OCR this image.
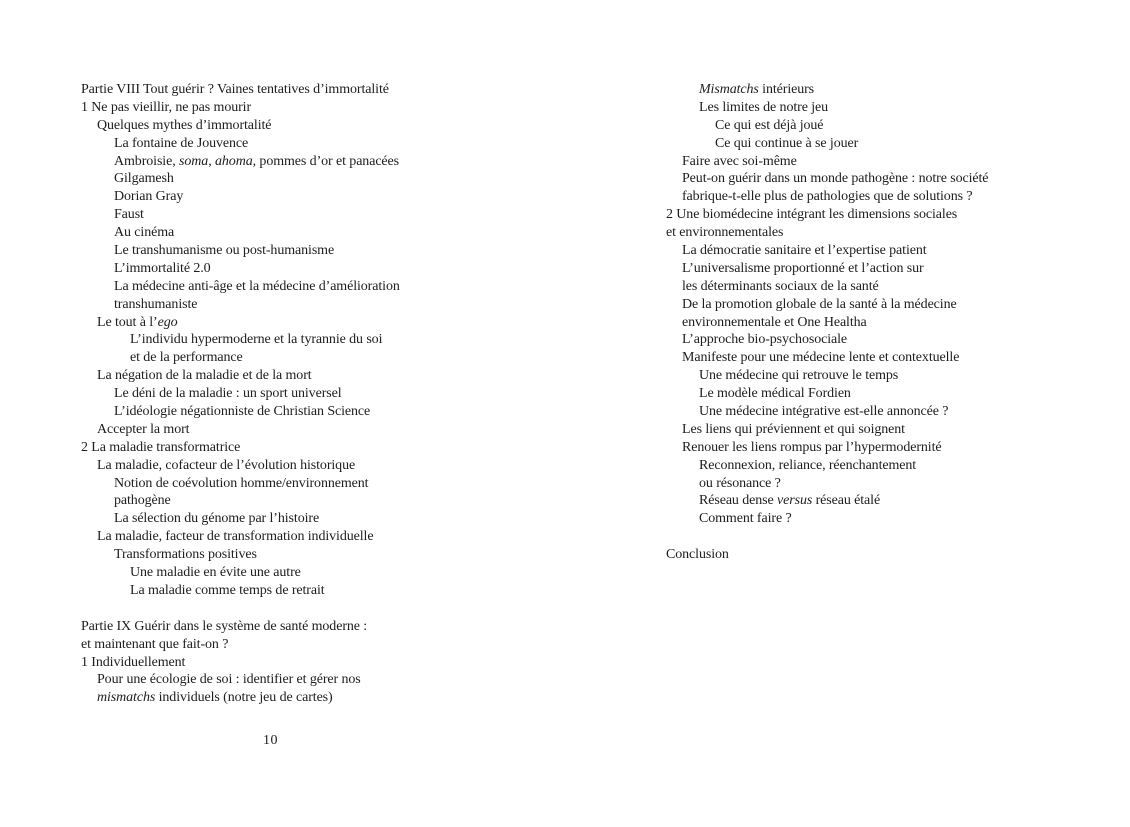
Partie VIII Tout guérir ? Vaines tentatives d’immortalité
1 Ne pas vieillir, ne pas mourir
Quelques mythes d’immortalité
La fontaine de Jouvence
Ambroisie, soma, ahoma, pommes d’or et panacées
Gilgamesh
Dorian Gray
Faust
Au cinéma
Le transhumanisme ou post-humanisme
L’immortalité 2.0
La médecine anti-âge et la médecine d’amélioration
transhumaniste
Le tout à l’ego
L’individu hypermoderne et la tyrannie du soi
et de la performance
La négation de la maladie et de la mort
Le déni de la maladie : un sport universel
L’idéologie négationniste de Christian Science
Accepter la mort
2 La maladie transformatrice
La maladie, cofacteur de l’évolution historique
Notion de coévolution homme/environnement
pathogène
La sélection du génome par l’histoire
La maladie, facteur de transformation individuelle
Transformations positives
Une maladie en évite une autre
La maladie comme temps de retrait
Partie IX Guérir dans le système de santé moderne :
et maintenant que fait-on ?
1 Individuellement
Pour une écologie de soi : identifier et gérer nos
mismatchs individuels (notre jeu de cartes)
10
Mismatchs intérieurs
Les limites de notre jeu
Ce qui est déjà joué
Ce qui continue à se jouer
Faire avec soi-même
Peut-on guérir dans un monde pathogène : notre société
fabrique-t-elle plus de pathologies que de solutions ?
2 Une biomédecine intégrant les dimensions sociales
et environnementales
La démocratie sanitaire et l’expertise patient
L’universalisme proportionné et l’action sur
les déterminants sociaux de la santé
De la promotion globale de la santé à la médecine
environnementale et One Healtha
L’approche bio-psychosociale
Manifeste pour une médecine lente et contextuelle
Une médecine qui retrouve le temps
Le modèle médical Fordien
Une médecine intégrative est-elle annoncée ?
Les liens qui préviennent et qui soignent
Renouer les liens rompus par l’hypermodernité
Reconnexion, reliance, réenchantement
ou résonance ?
Réseau dense versus réseau étalé
Comment faire ?
Conclusion
